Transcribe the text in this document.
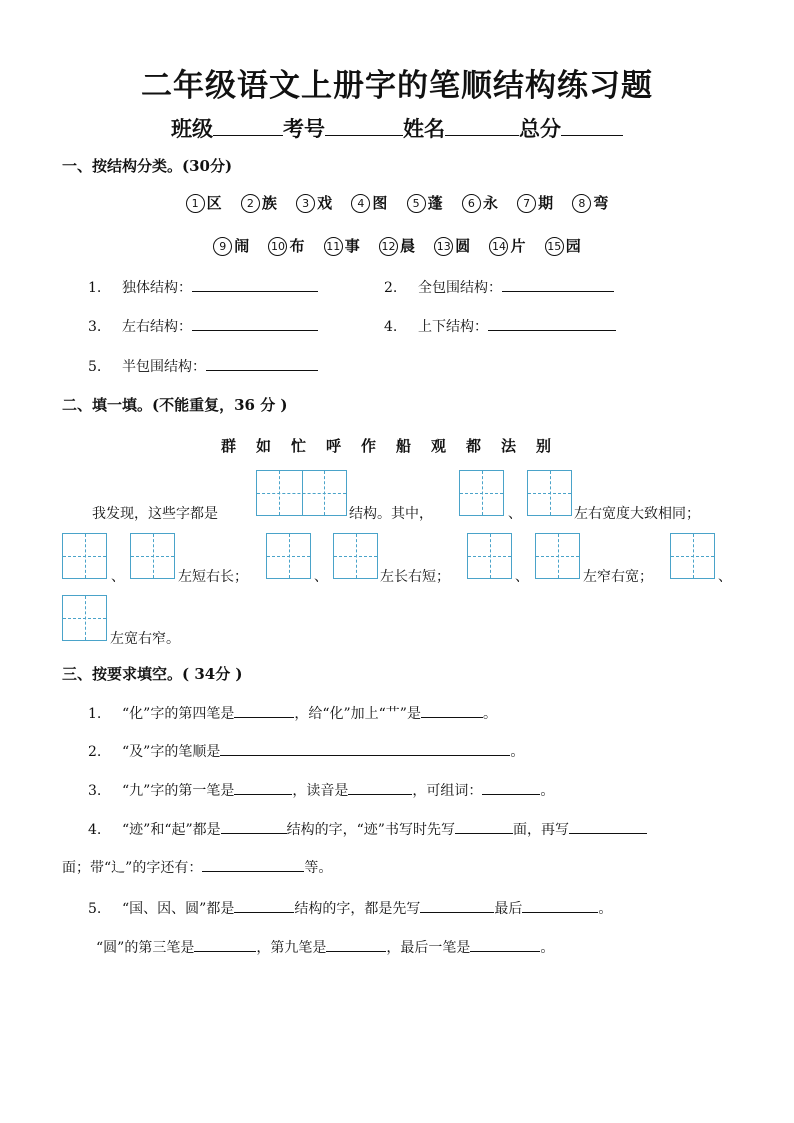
二年级语文上册字的笔顺结构练习题
班级	考号	姓名	总分
一、按结构分类。(30分)
1 区 2 族 3 戏 4 图 5 蓬 6 永 7 期 8 弯
9 闹 10 布 11 事 12 晨 13 圆 14 片 15 园
1. 独体结构：	2. 全包围结构：
3. 左右结构：	4. 上下结构：
5. 半包围结构：
二、填一填。(不能重复，36 分 )
群如忙呼作船观都法别
我发现，这些字都是	结构。其中，	、	左右宽度大致相同；
、	左短右长；	、	左长右短；	、	左窄右宽；	、
左宽右窄。
三、按要求填空。( 34分 )
1. “化”字的第四笔是	，给“化”加上“艹”是	。
2. “及”字的笔顺是	。
3. “九”字的第一笔是	，读音是	，可组词：	。
4. “迹”和“起”都是	结构的字，“迹”书写时先写	面，再写
面；带“辶”的字还有：	等。
5. “国、因、圆”都是	结构的字，都是先写	最后	。
“圆”的第三笔是	，第九笔是	，最后一笔是	。
